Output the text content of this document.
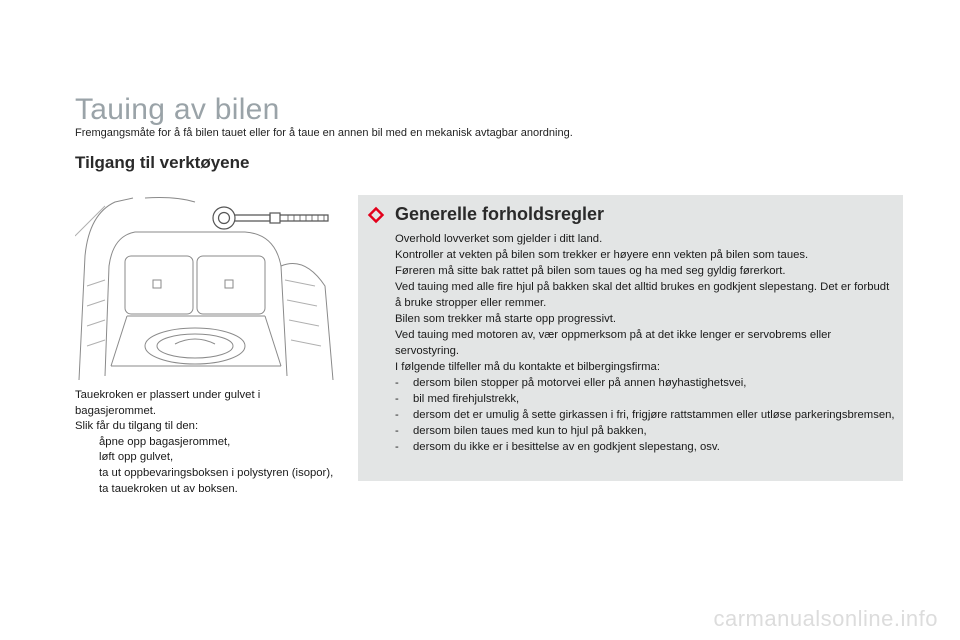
Tauing av bilen
Fremgangsmåte for å få bilen tauet eller for å taue en annen bil med en mekanisk avtagbar anordning.
Tilgang til verktøyene

Tauekroken er plassert under gulvet i bagasjerommet.

Slik får du tilgang til den:

åpne opp bagasjerommet,
løft opp gulvet,
ta ut oppbevaringsboksen i polystyren (isopor),
ta tauekroken ut av boksen.
Generelle forholdsregler

Overhold lovverket som gjelder i ditt land.

Kontroller at vekten på bilen som trekker er høyere enn vekten på bilen som taues.

Føreren må sitte bak rattet på bilen som taues og ha med seg gyldig førerkort.

Ved tauing med alle fire hjul på bakken skal det alltid brukes en godkjent slepestang. Det er forbudt å bruke stropper eller remmer.

Bilen som trekker må starte opp progressivt.

Ved tauing med motoren av, vær oppmerksom på at det ikke lenger er servobrems eller servostyring.

I følgende tilfeller må du kontakte et bilbergingsfirma:

- dersom bilen stopper på motorvei eller på annen høyhastighetsvei,
- bil med firehjulstrekk,
- dersom det er umulig å sette girkassen i fri, frigjøre rattstammen eller utløse parkeringsbremsen,
- dersom bilen taues med kun to hjul på bakken,
- dersom du ikke er i besittelse av en godkjent slepestang, osv.
carmanualsonline.info
